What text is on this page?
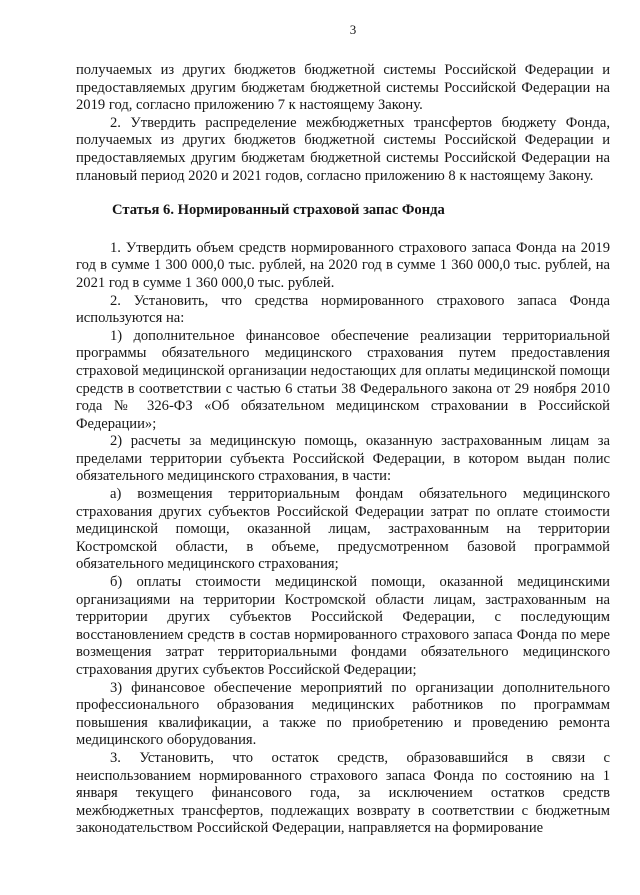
3

получаемых из других бюджетов бюджетной системы Российской Федерации и предоставляемых другим бюджетам бюджетной системы Российской Федерации на 2019 год, согласно приложению 7 к настоящему Закону.

2. Утвердить распределение межбюджетных трансфертов бюджету Фонда, получаемых из других бюджетов бюджетной системы Российской Федерации и предоставляемых другим бюджетам бюджетной системы Российской Федерации на плановый период 2020 и 2021 годов, согласно приложению 8 к настоящему Закону.

Статья 6. Нормированный страховой запас Фонда

1. Утвердить объем средств нормированного страхового запаса Фонда на 2019 год в сумме 1 300 000,0 тыс. рублей, на 2020 год в сумме 1 360 000,0 тыс. рублей, на 2021 год в сумме 1 360 000,0 тыс. рублей.

2. Установить, что средства нормированного страхового запаса Фонда используются на:

1) дополнительное финансовое обеспечение реализации территориальной программы обязательного медицинского страхования путем предоставления страховой медицинской организации недостающих для оплаты медицинской помощи средств в соответствии с частью 6 статьи 38 Федерального закона от 29 ноября 2010 года № 326-ФЗ «Об обязательном медицинском страховании в Российской Федерации»;

2) расчеты за медицинскую помощь, оказанную застрахованным лицам за пределами территории субъекта Российской Федерации, в котором выдан полис обязательного медицинского страхования, в части:

а) возмещения территориальным фондам обязательного медицинского страхования других субъектов Российской Федерации затрат по оплате стоимости медицинской помощи, оказанной лицам, застрахованным на территории Костромской области, в объеме, предусмотренном базовой программой обязательного медицинского страхования;

б) оплаты стоимости медицинской помощи, оказанной медицинскими организациями на территории Костромской области лицам, застрахованным на территории других субъектов Российской Федерации, с последующим восстановлением средств в состав нормированного страхового запаса Фонда по мере возмещения затрат территориальными фондами обязательного медицинского страхования других субъектов Российской Федерации;

3) финансовое обеспечение мероприятий по организации дополнительного профессионального образования медицинских работников по программам повышения квалификации, а также по приобретению и проведению ремонта медицинского оборудования.

3. Установить, что остаток средств, образовавшийся в связи с неиспользованием нормированного страхового запаса Фонда по состоянию на 1 января текущего финансового года, за исключением остатков средств межбюджетных трансфертов, подлежащих возврату в соответствии с бюджетным законодательством Российской Федерации, направляется на формирование
